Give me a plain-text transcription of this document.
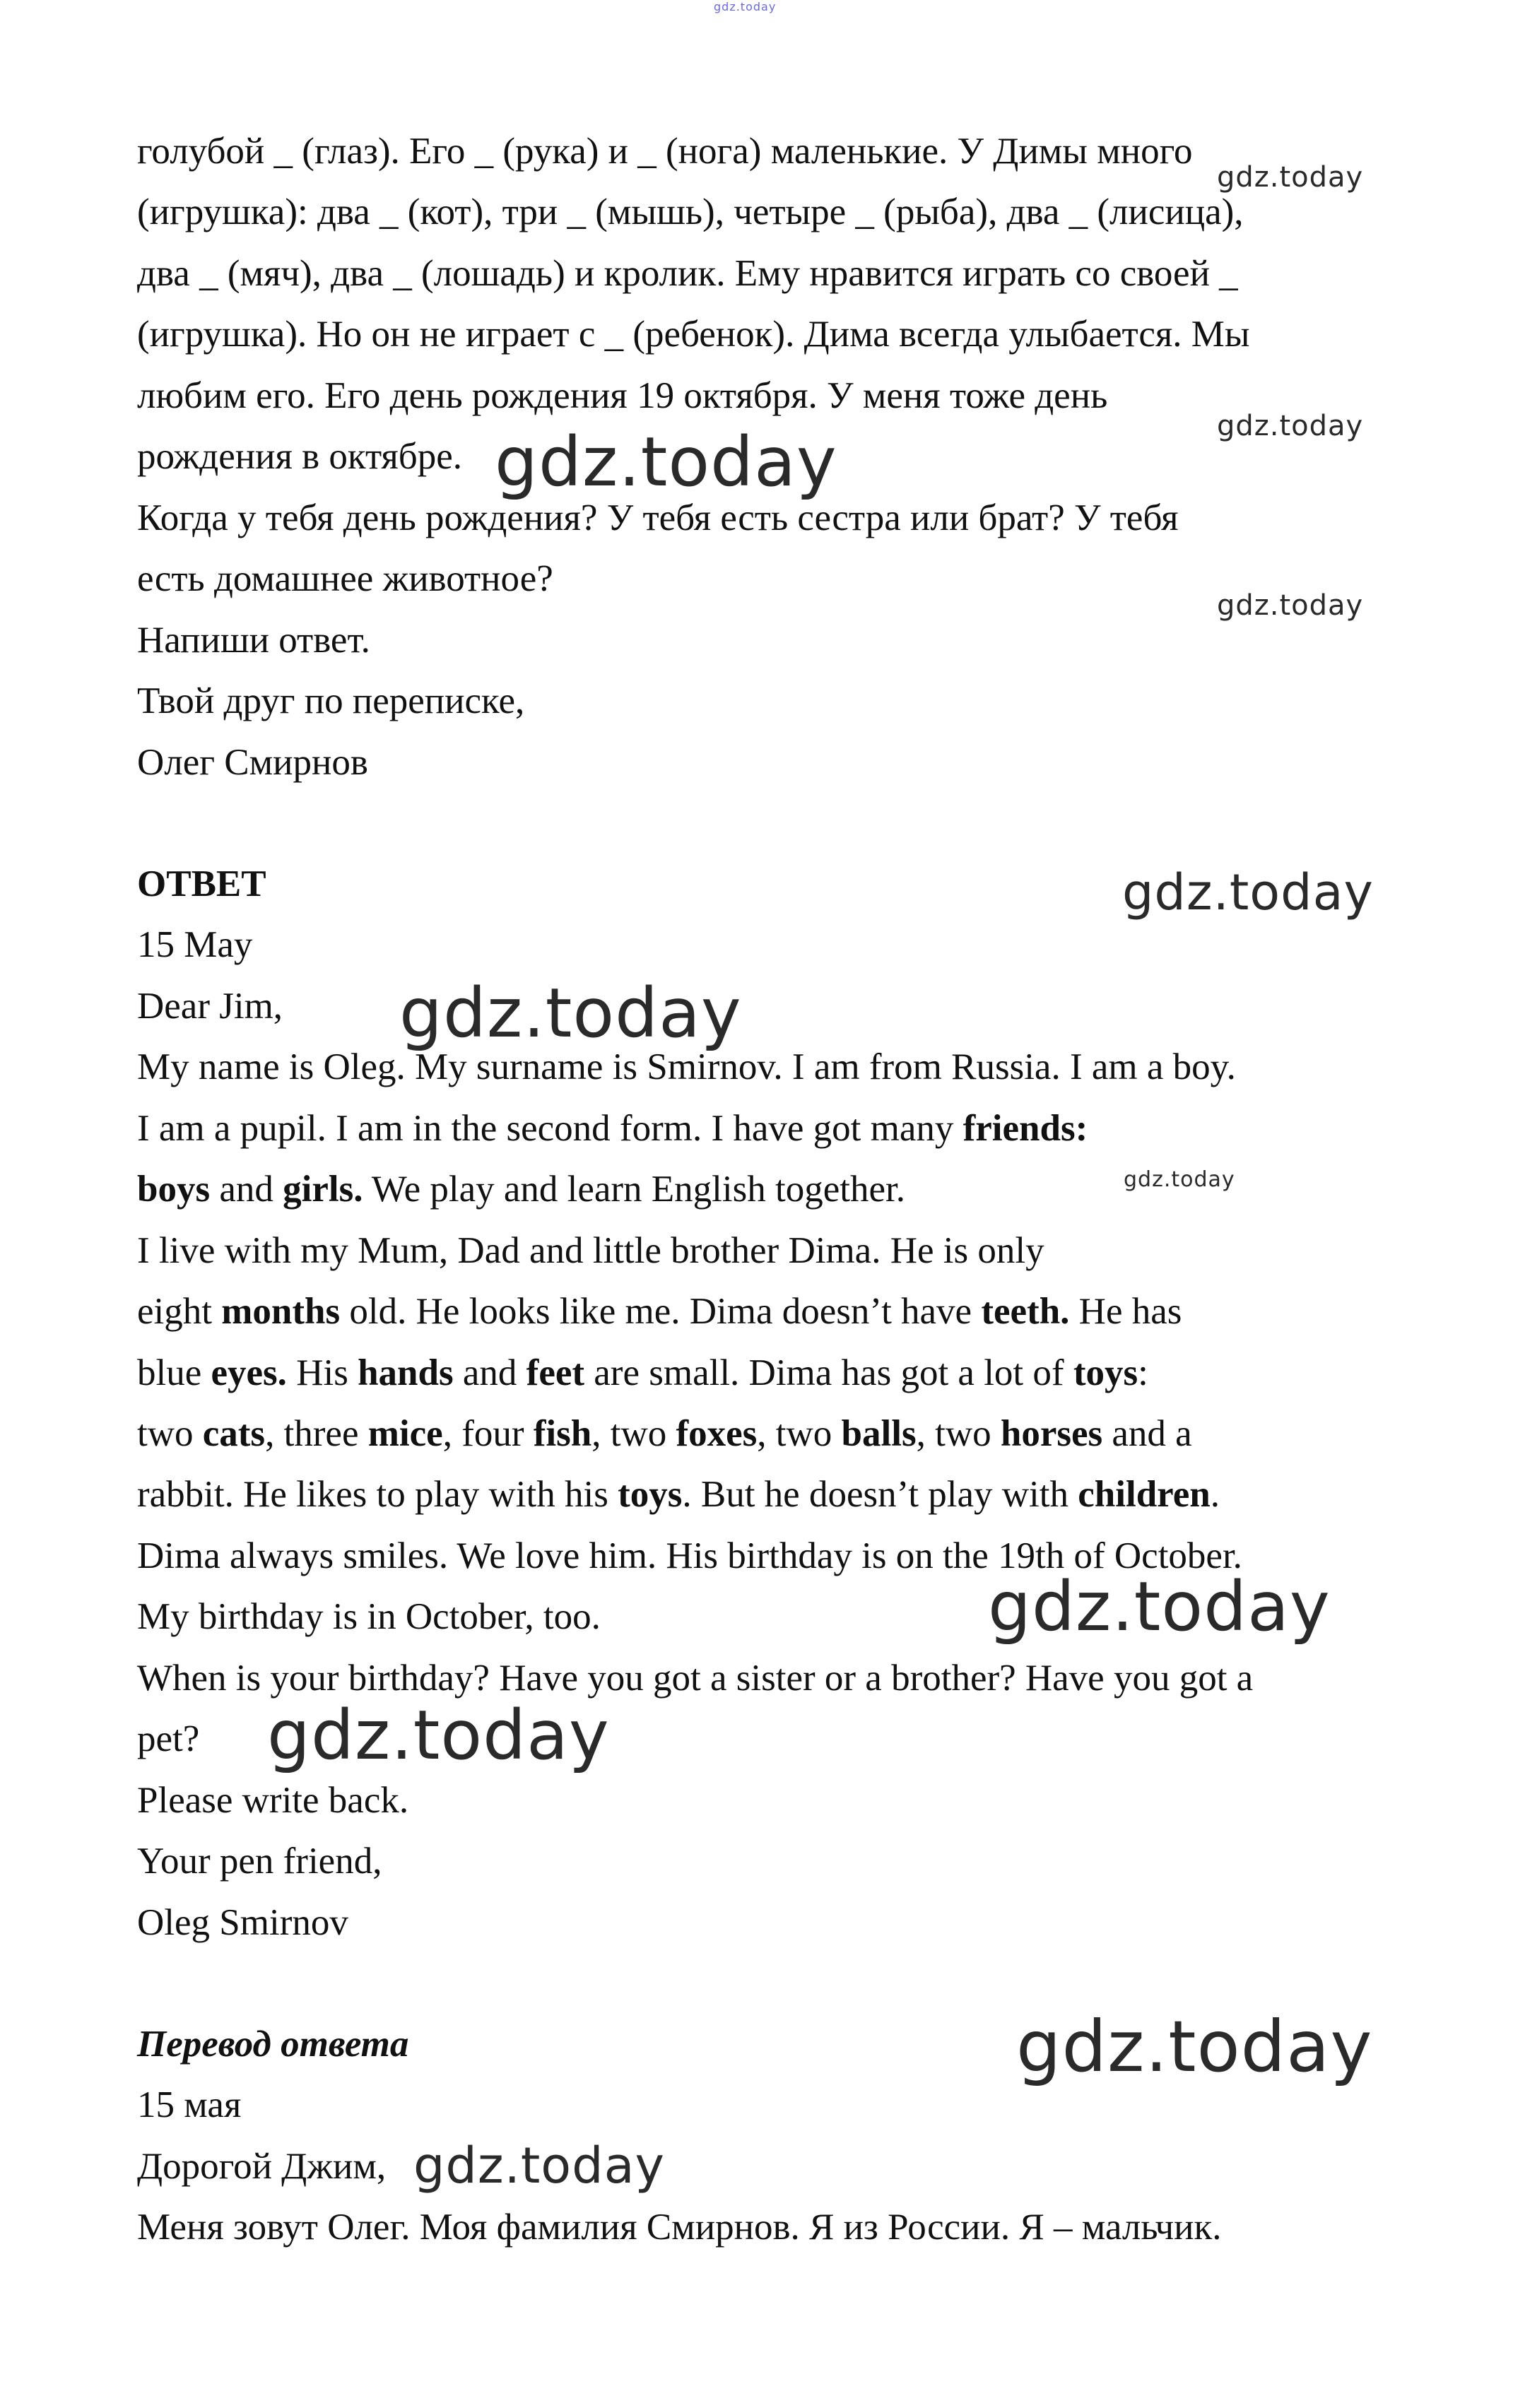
голубой _ (глаз). Его _ (рука) и _ (нога) маленькие. У Димы много
(игрушка): два _ (кот), три _ (мышь), четыре _ (рыба), два _ (лисица),
два _ (мяч), два _ (лошадь) и кролик. Ему нравится играть со своей _
(игрушка). Но он не играет с _ (ребенок). Дима всегда улыбается. Мы
любим его. Его день рождения 19 октября. У меня тоже день
рождения в октябре.
Когда у тебя день рождения? У тебя есть сестра или брат? У тебя
есть домашнее животное?
Напиши ответ.
Твой друг по переписке,
Олег Смирнов
ОТВЕТ
15 May
Dear Jim,
My name is Oleg. My surname is Smirnov. I am from Russia. I am a boy.
I am a pupil. I am in the second form. I have got many friends:
boys and girls. We play and learn English together.
I live with my Mum, Dad and little brother Dima. He is only
eight months old. He looks like me. Dima doesn’t have teeth. He has
blue eyes. His hands and feet are small. Dima has got a lot of toys:
two cats, three mice, four fish, two foxes, two balls, two horses and a
rabbit. He likes to play with his toys. But he doesn’t play with children.
Dima always smiles. We love him. His birthday is on the 19th of October.
My birthday is in October, too.
When is your birthday? Have you got a sister or a brother? Have you got a
pet?
Please write back.
Your pen friend,
Oleg Smirnov
Перевод ответа
15 мая
Дорогой Джим,
Меня зовут Олег. Моя фамилия Смирнов. Я из России. Я – мальчик.
gdz.today
gdz.today
gdz.today
gdz.today
gdz.today
gdz.today
gdz.today
gdz.today
gdz.today
gdz.today
gdz.today
gdz.today
